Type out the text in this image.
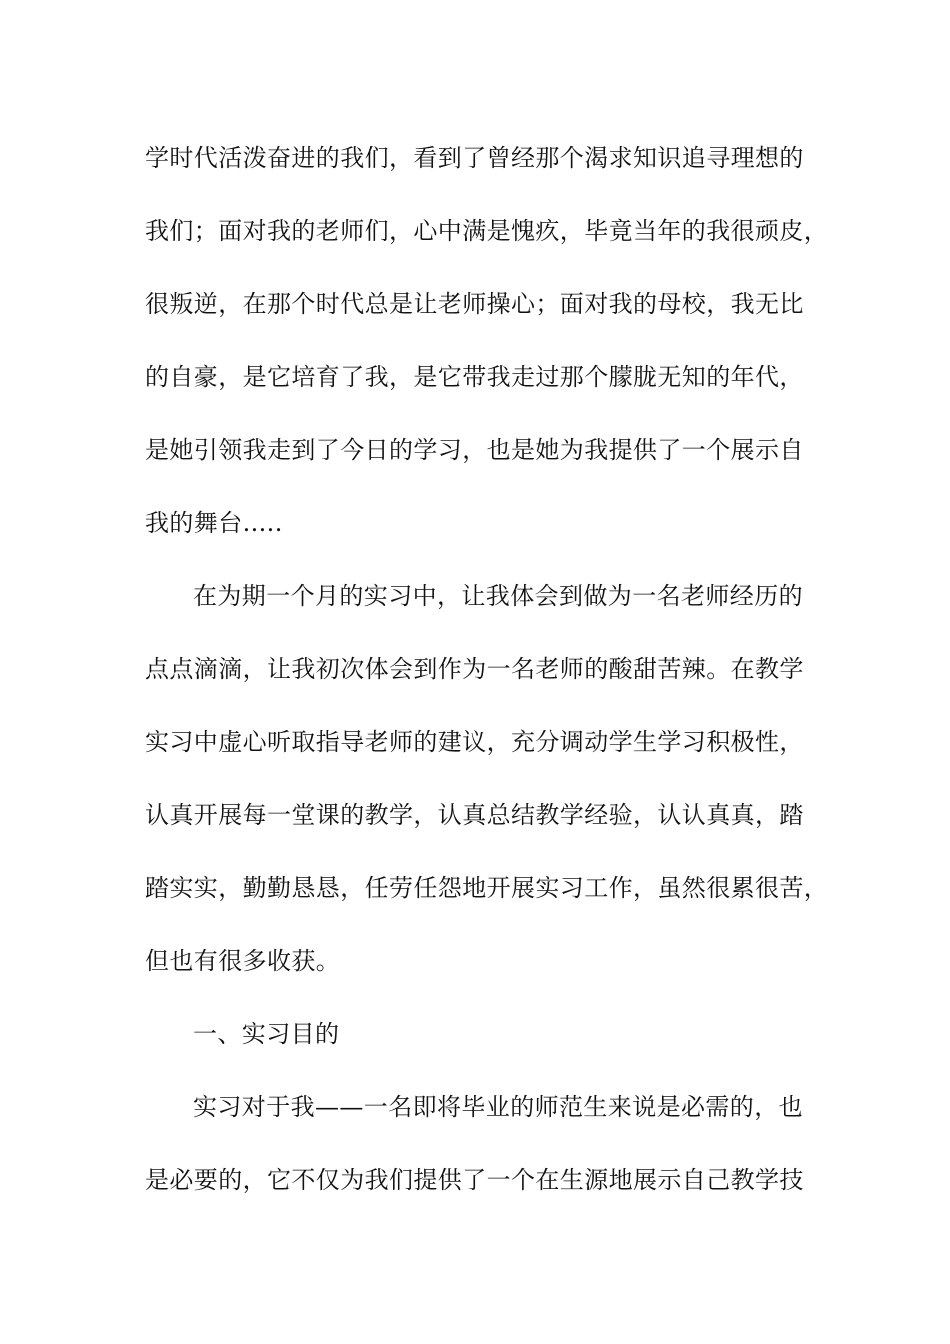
学时代活泼奋进的我们，看到了曾经那个渴求知识追寻理想的
我们；面对我的老师们，心中满是愧疚，毕竟当年的我很顽皮，
很叛逆，在那个时代总是让老师操心；面对我的母校，我无比
的自豪，是它培育了我，是它带我走过那个朦胧无知的年代，
是她引领我走到了今日的学习，也是她为我提供了一个展示自
我的舞台.....
在为期一个月的实习中，让我体会到做为一名老师经历的
点点滴滴，让我初次体会到作为一名老师的酸甜苦辣。在教学
实习中虚心听取指导老师的建议，充分调动学生学习积极性，
认真开展每一堂课的教学，认真总结教学经验，认认真真，踏
踏实实，勤勤恳恳，任劳任怨地开展实习工作，虽然很累很苦，
但也有很多收获。
一、实习目的
实习对于我——一名即将毕业的师范生来说是必需的，也
是必要的，它不仅为我们提供了一个在生源地展示自己教学技
